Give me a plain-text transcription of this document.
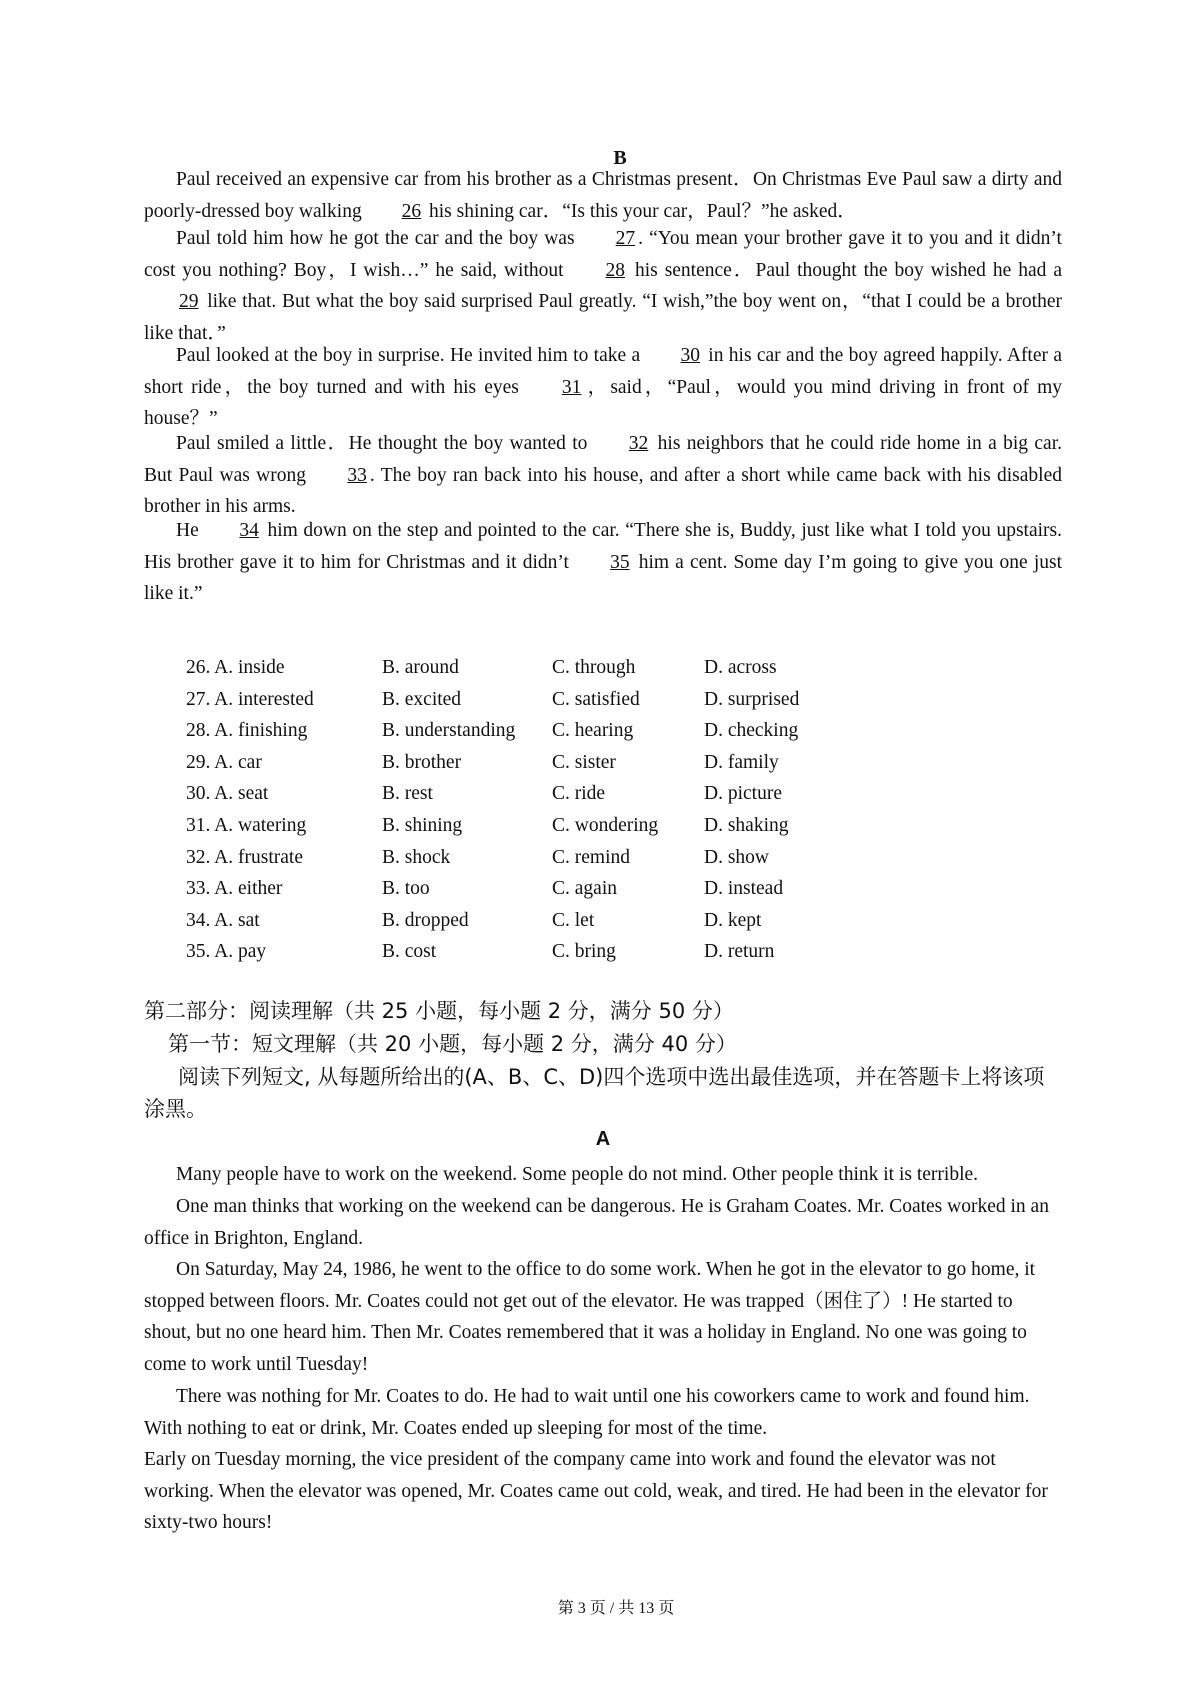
B
Paul received an expensive car from his brother as a Christmas present．On Christmas Eve Paul saw a dirty and poorly-dressed boy walking 26 his shining car．“Is this your car，Paul？”he asked．
Paul told him how he got the car and the boy was 27 . “You mean your brother gave it to you and it didn’t cost you nothing? Boy，I wish…” he said, without 28 his sentence．Paul thought the boy wished he had a 29 like that. But what the boy said surprised Paul greatly. “I wish,”the boy went on，“that I could be a brother like that．”
Paul looked at the boy in surprise. He invited him to take a 30 in his car and the boy agreed happily. After a short ride，the boy turned and with his eyes 31 ，said，“Paul，would you mind driving in front of my house？”
Paul smiled a little．He thought the boy wanted to 32 his neighbors that he could ride home in a big car. But Paul was wrong 33 . The boy ran back into his house, and after a short while came back with his disabled brother in his arms.
He 34 him down on the step and pointed to the car. “There she is, Buddy, just like what I told you upstairs. His brother gave it to him for Christmas and it didn’t 35 him a cent. Some day I’m going to give you one just like it.”
26. A. inside	B. around	C. through	D. across
27. A. interested	B. excited	C. satisfied	D. surprised
28. A. finishing	B. understanding C. hearing	D. checking
29. A. car	B. brother	C. sister	D. family
30. A. seat	B. rest	C. ride	D. picture
31. A. watering	B. shining	C. wondering D. shaking
32. A. frustrate	B. shock	C. remind	D. show
33. A. either	B. too	C. again	D. instead
34. A. sat	B. dropped	C. let	D. kept
35. A. pay	B. cost	C. bring	D. return
第二部分：阅读理解（共 25 小题，每小题 2 分，满分 50 分）
第一节：短文理解（共 20 小题，每小题 2 分，满分 40 分）
阅读下列短文, 从每题所给出的(A、B、C、D)四个选项中选出最佳选项，并在答题卡上将该项涂黑。
A
Many people have to work on the weekend. Some people do not mind. Other people think it is terrible.
One man thinks that working on the weekend can be dangerous. He is Graham Coates. Mr. Coates worked in an office in Brighton, England.
On Saturday, May 24, 1986, he went to the office to do some work. When he got in the elevator to go home, it stopped between floors. Mr. Coates could not get out of the elevator. He was trapped（困住了）! He started to shout, but no one heard him. Then Mr. Coates remembered that it was a holiday in England. No one was going to come to work until Tuesday!
There was nothing for Mr. Coates to do. He had to wait until one his coworkers came to work and found him. With nothing to eat or drink, Mr. Coates ended up sleeping for most of the time.
Early on Tuesday morning, the vice president of the company came into work and found the elevator was not working. When the elevator was opened, Mr. Coates came out cold, weak, and tired. He had been in the elevator for sixty-two hours!
第 3 页 / 共 13 页
